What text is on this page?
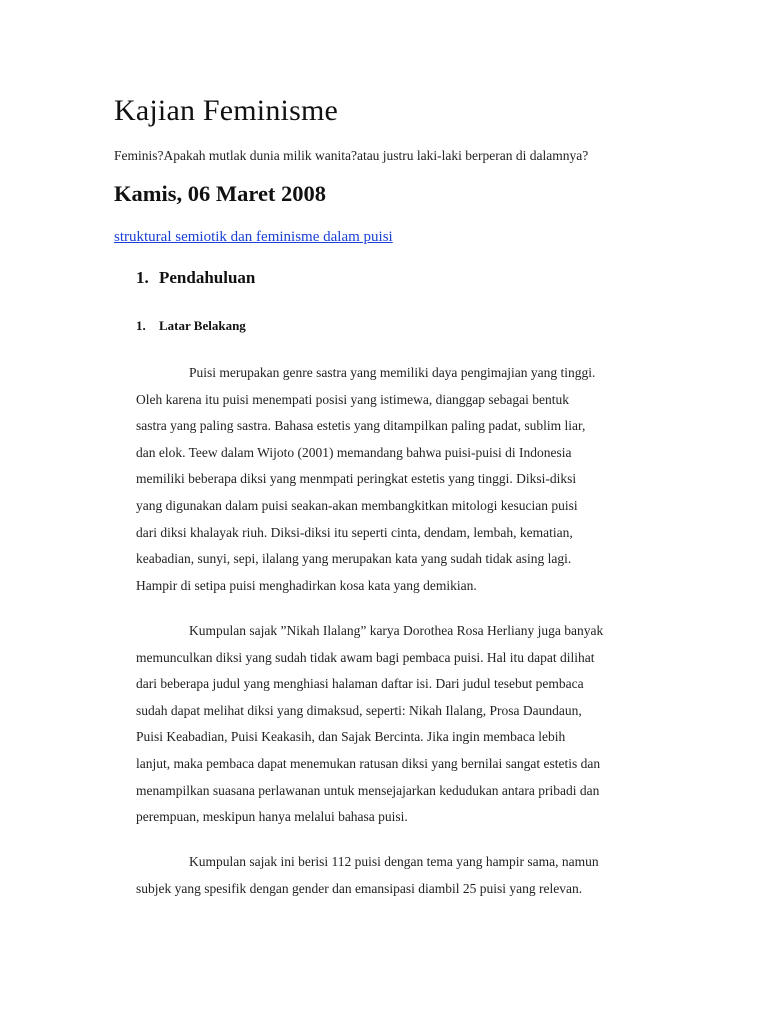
Kajian Feminisme

Feminis?Apakah mutlak dunia milik wanita?atau justru laki-laki berperan di dalamnya?

Kamis, 06 Maret 2008
struktural semiotik dan feminisme dalam puisi
1. Pendahuluan
1. Latar Belakang

Puisi merupakan genre sastra yang memiliki daya pengimajian yang tinggi.
Oleh karena itu puisi menempati posisi yang istimewa, dianggap sebagai bentuk
sastra yang paling sastra. Bahasa estetis yang ditampilkan paling padat, sublim liar,
dan elok. Teew dalam Wijoto (2001) memandang bahwa puisi-puisi di Indonesia
memiliki beberapa diksi yang menmpati peringkat estetis yang tinggi. Diksi-diksi
yang digunakan dalam puisi seakan-akan membangkitkan mitologi kesucian puisi
dari diksi khalayak riuh. Diksi-diksi itu seperti cinta, dendam, lembah, kematian,
keabadian, sunyi, sepi, ilalang yang merupakan kata yang sudah tidak asing lagi.
Hampir di setipa puisi menghadirkan kosa kata yang demikian.

Kumpulan sajak ”Nikah Ilalang” karya Dorothea Rosa Herliany juga banyak
memunculkan diksi yang sudah tidak awam bagi pembaca puisi. Hal itu dapat dilihat
dari beberapa judul yang menghiasi halaman daftar isi. Dari judul tesebut pembaca
sudah dapat melihat diksi yang dimaksud, seperti: Nikah Ilalang, Prosa Daundaun,
Puisi Keabadian, Puisi Keakasih, dan Sajak Bercinta. Jika ingin membaca lebih
lanjut, maka pembaca dapat menemukan ratusan diksi yang bernilai sangat estetis dan
menampilkan suasana perlawanan untuk mensejajarkan kedudukan antara pribadi dan
perempuan, meskipun hanya melalui bahasa puisi.

Kumpulan sajak ini berisi 112 puisi dengan tema yang hampir sama, namun
subjek yang spesifik dengan gender dan emansipasi diambil 25 puisi yang relevan.
